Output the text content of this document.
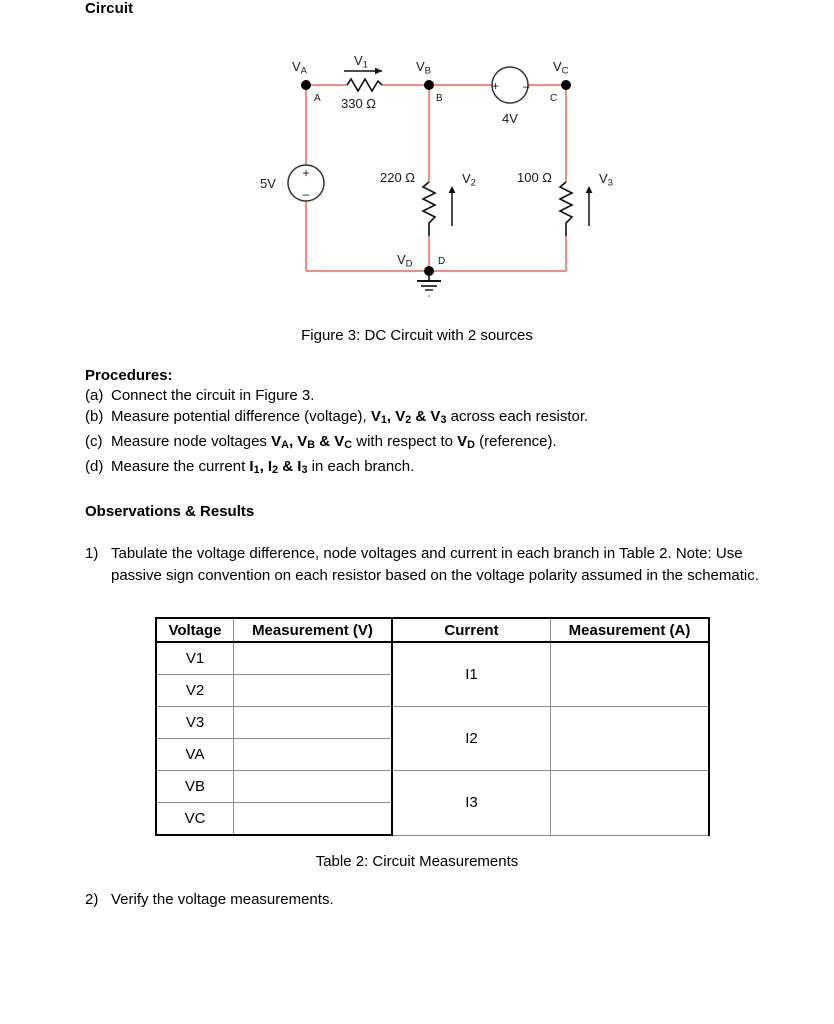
Circuit
V1
330 Ω
220 Ω	V2	100 Ω	V3
+
–
5V
+ –
4V
VA
A
VB
B
VC
C
VD	D
Figure 3: DC Circuit with 2 sources
Procedures:
(a) Connect the circuit in Figure 3.
(b) Measure potential difference (voltage), V1, V2 & V3 across each resistor.
(c) Measure node voltages VA, VB & VC with respect to VD (reference).
(d) Measure the current I1, I2 & I3 in each branch.
Observations & Results
1) Tabulate the voltage difference, node voltages and current in each branch in Table 2. Note: Use passive sign convention on each resistor based on the voltage polarity assumed in the schematic.
Voltage	Measurement (V)	Current	Measurement (A)
V1		I1	
V2			
V3		I2	
VA			
VB		I3	
VC			
Table 2: Circuit Measurements
2) Verify the voltage measurements.
